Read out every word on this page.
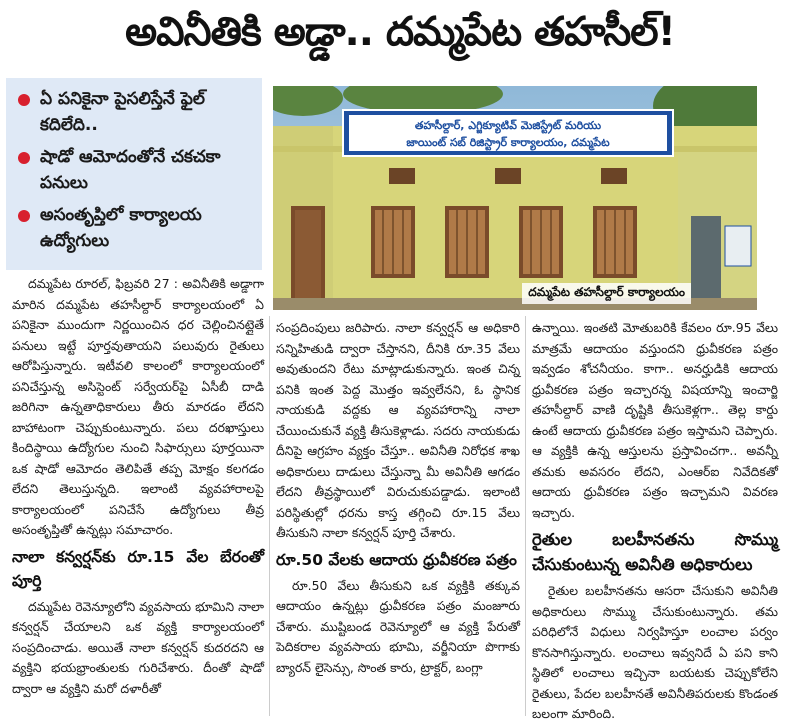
అవినీతికి అడ్డా.. దమ్మపేట తహసీల్‌!
ఏ పనికైనా పైసలిస్తేనే ఫైల్‌ కదిలేది..
షాడో ఆమోదంతోనే చకచకా పనులు
అసంతృప్తిలో కార్యాలయ ఉద్యోగులు
తహసీల్దార్‌, ఎగ్జిక్యూటివ్‌ మెజిస్ట్రేట్‌ మరియు
జాయింట్‌ సబ్‌ రిజిస్ట్రార్‌ కార్యాలయం, దమ్మపేట
దమ్మపేట తహసీల్దార్‌ కార్యాలయం

దమ్మపేట రూరల్‌, ఫిబ్రవరి 27 : అవినీతికి అడ్డాగా మారిన దమ్మపేట తహసీల్దార్‌ కార్యాలయంలో ఏ పనికైనా ముందుగా నిర్ణయించిన ధర చెల్లించినట్లైతే పనులు ఇట్టే పూర్తవుతాయని పలువురు రైతులు ఆరోపిస్తున్నారు. ఇటీవలి కాలంలో కార్యాలయంలో పనిచేస్తున్న అసిస్టెంట్‌ సర్వేయర్‌పై ఏసీబీ దాడి జరిగినా ఉన్నతాధికారులు తీరు మారడం లేదని బాహాటంగా చెప్పుకుంటున్నారు. పలు దరఖాస్తులు కిందిస్థాయి ఉద్యోగుల నుంచి సిఫార్సులు పూర్తయినా ఒక షాడో ఆమోదం తెలిపితే తప్ప మోక్షం కలగడం లేదని తెలుస్తున్నది. ఇలాంటి వ్యవహారాలపై కార్యాలయంలో పనిచేసే ఉద్యోగులు తీవ్ర అసంతృప్తితో ఉన్నట్లు సమాచారం.

నాలా కన్వర్షన్‌కు రూ.15 వేల బేరంతో పూర్తి

దమ్మపేట రెవెన్యూలోని వ్యవసాయ భూమిని నాలా కన్వర్షన్‌ చేయాలని ఒక వ్యక్తి కార్యాలయంలో సంప్రదించాడు. అయితే నాలా కన్వర్షన్‌ కుదరదని ఆ వ్యక్తిని భయభ్రాంతులకు గురిచేశారు. దీంతో షాడో ద్వారా ఆ వ్యక్తిని మరో దళారీతో

సంప్రదింపులు జరిపారు. నాలా కన్వర్షన్‌ ఆ అధికారి సన్నిహితుడి ద్వారా చేస్తానని, దీనికి రూ.35 వేలు అవుతుందని రేటు మాట్లాడుకున్నారు. ఇంత చిన్న పనికి ఇంత పెద్ద మొత్తం ఇవ్వలేనని, ఓ స్థానిక నాయకుడి వద్దకు ఆ వ్యవహారాన్ని నాలా చేయించుకునే వ్యక్తి తీసుకెళ్లాడు. సదరు నాయకుడు దీనిపై ఆగ్రహం వ్యక్తం చేస్తూ.. అవినీతి నిరోధక శాఖ అధికారులు దాడులు చేస్తున్నా మీ అవినీతి ఆగడం లేదని తీవ్రస్థాయిలో విరుచుకుపడ్డాడు. ఇలాంటి పరిస్థితుల్లో ధరను కాస్త తగ్గించి రూ.15 వేలు తీసుకుని నాలా కన్వర్షన్‌ పూర్తి చేశారు.

రూ.50 వేలకు ఆదాయ ధ్రువీకరణ పత్రం

రూ.50 వేలు తీసుకుని ఒక వ్యక్తికి తక్కువ ఆదాయం ఉన్నట్లు ధ్రువీకరణ పత్రం మంజూరు చేశారు. ముష్టిబండ రెవెన్యూలో ఆ వ్యక్తి పేరుతో పెదికరాల వ్యవసాయ భూమి, వర్జీనియా పొగాకు బ్యారన్‌ లైసెన్సు, సొంత కారు, ట్రాక్టర్‌, బంగ్లా

ఉన్నాయి. ఇంతటి మోతుబరికి కేవలం రూ.95 వేలు మాత్రమే ఆదాయం వస్తుందని ధ్రువీకరణ పత్రం ఇవ్వడం శోచనీయం. కాగా.. అనర్హుడికి ఆదాయ ధ్రువీకరణ పత్రం ఇచ్చారన్న విషయాన్ని ఇంచార్జి తహసీల్దార్‌ వాణి దృష్టికి తీసుకెళ్లగా.. తెల్ల కార్డు ఉంటే ఆదాయ ధ్రువీకరణ పత్రం ఇస్తామని చెప్పారు. ఆ వ్యక్తికి ఉన్న ఆస్తులను ప్రస్తావించగా.. అవన్నీ తమకు అవసరం లేదని, ఎంఆర్‌ఐ నివేదికతో ఆదాయ ధ్రువీకరణ పత్రం ఇచ్చామని వివరణ ఇచ్చారు.

రైతుల బలహీనతను సొమ్ము చేసుకుంటున్న అవినీతి అధికారులు

రైతుల బలహీనతను ఆసరా చేసుకుని అవినీతి అధికారులు సొమ్ము చేసుకుంటున్నారు. తమ పరిధిలోనే విధులు నిర్వహిస్తూ లంచాల పర్వం కొనసాగిస్తున్నారు. లంచాలు ఇవ్వనిదే ఏ పని కాని స్థితిలో లంచాలు ఇచ్చినా బయటకు చెప్పుకోలేని రైతులు, పేదల బలహీనతే అవినీతిపరులకు కొండంత బలంగా మారింది.
